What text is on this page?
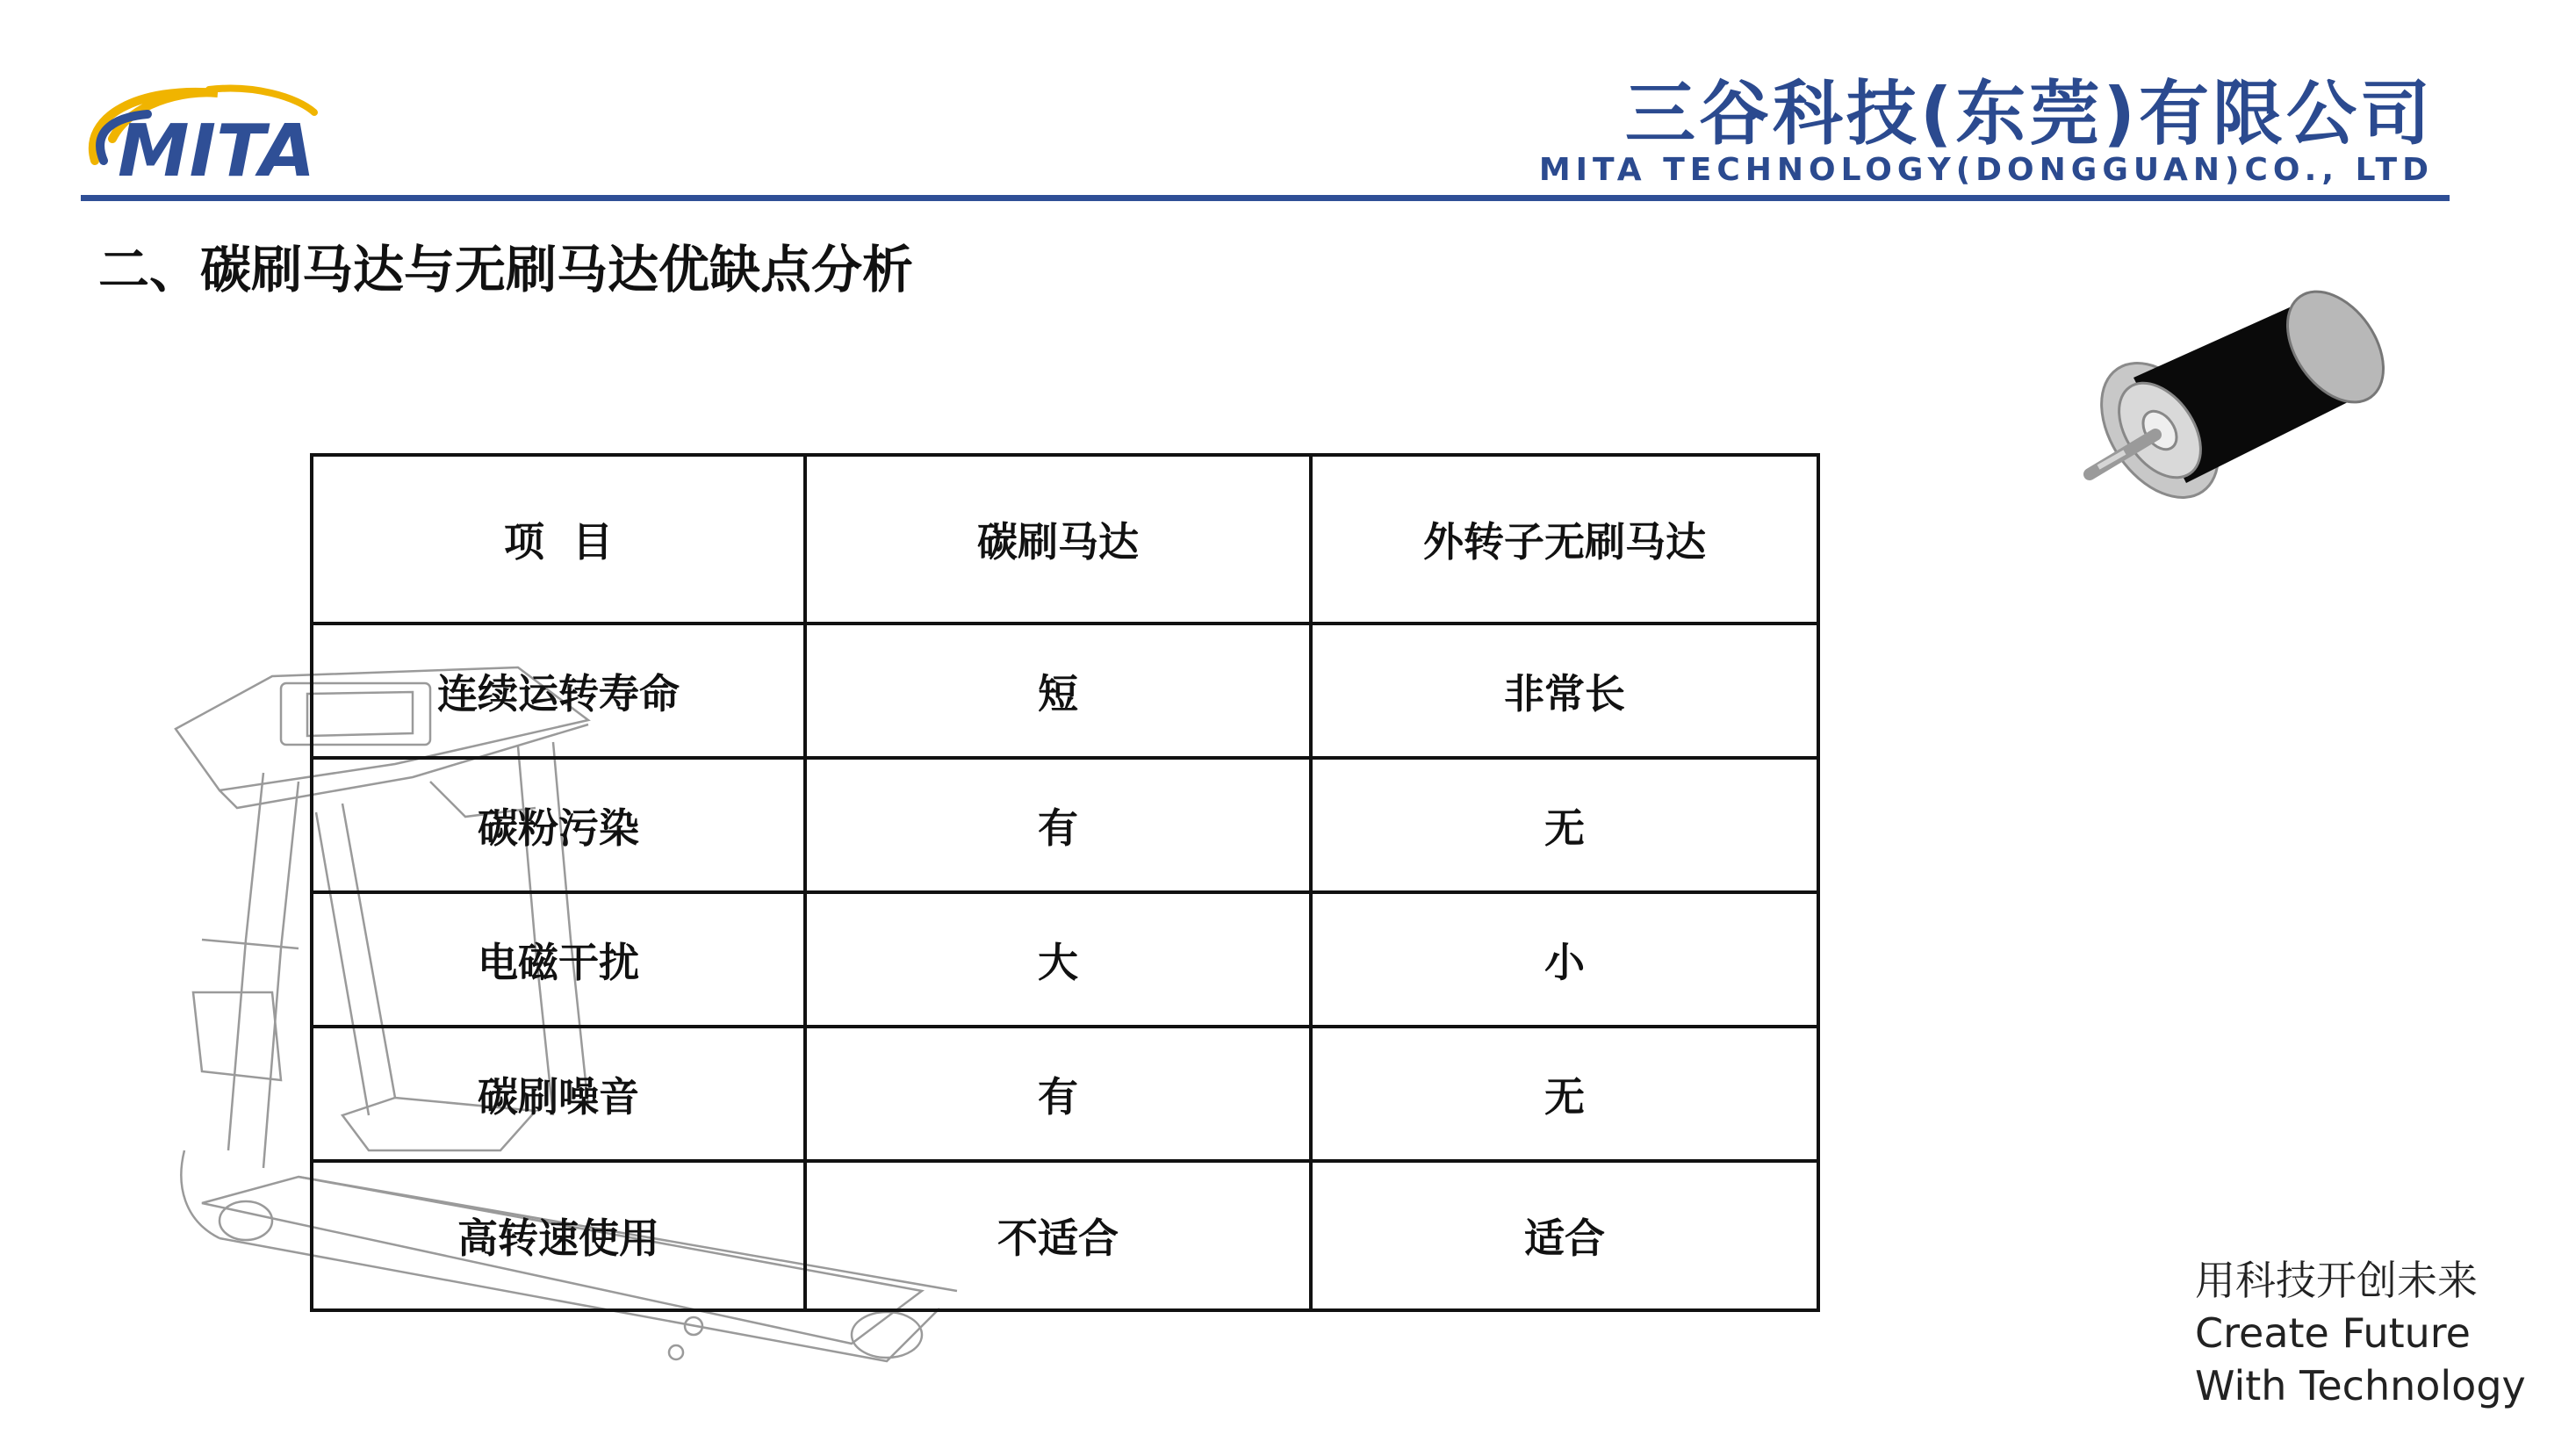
MITA	三谷科技(东莞)有限公司
MITA TECHNOLOGY(DONGGUAN)CO., LTD
二、碳刷马达与无刷马达优缺点分析
项  目	碳刷马达	外转子无刷马达
连续运转寿命	短	非常长
碳粉污染	有	无
电磁干扰	大	小
碳刷噪音	有	无
高转速使用	不适合	适合
用科技开创未来
Create Future
With Technology
